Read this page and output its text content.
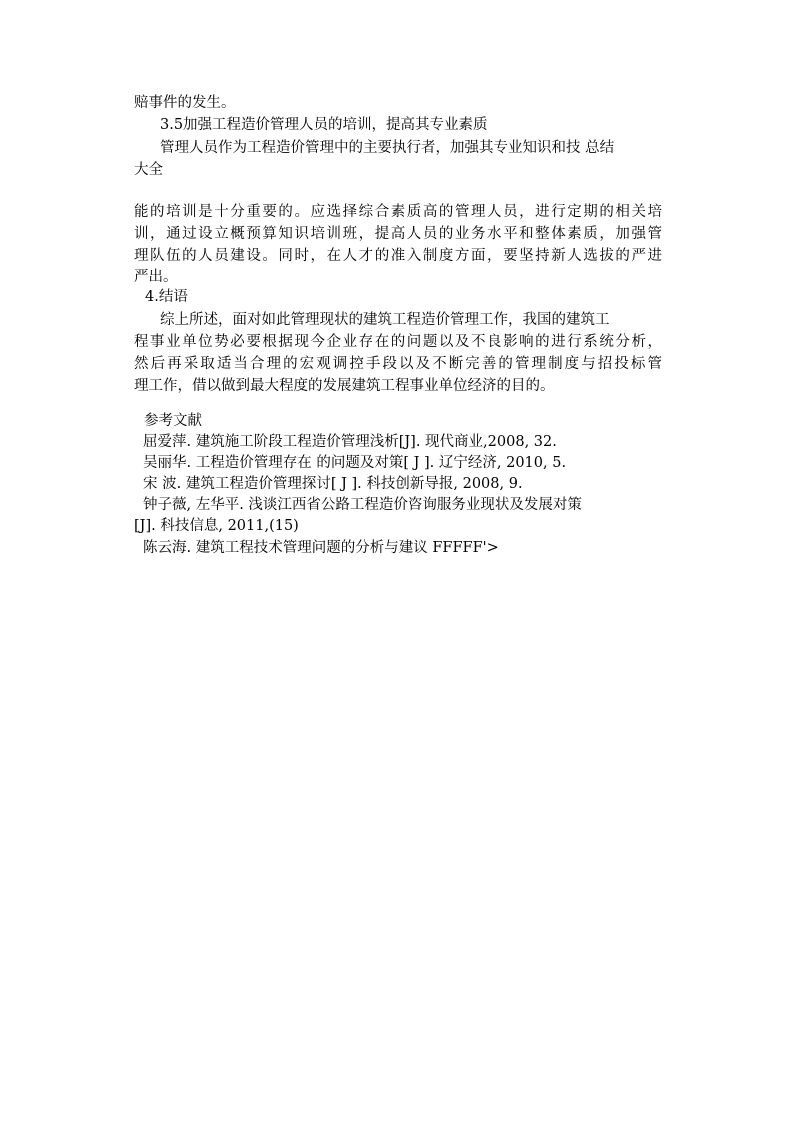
赔事件的发生。
3.5加强工程造价管理人员的培训，提高其专业素质
管理人员作为工程造价管理中的主要执行者，加强其专业知识和技 总结
大全
能的培训是十分重要的。应选择综合素质高的管理人员，进行定期的相关培
训，通过设立概预算知识培训班，提高人员的业务水平和整体素质，加强管
理队伍的人员建设。同时，在人才的准入制度方面，要坚持新人选拔的严进
严出。
4.结语
综上所述，面对如此管理现状的建筑工程造价管理工作，我国的建筑工
程事业单位势必要根据现今企业存在的问题以及不良影响的进行系统分析，
然后再采取适当合理的宏观调控手段以及不断完善的管理制度与招投标管
理工作，借以做到最大程度的发展建筑工程事业单位经济的目的。
参考文献
屈爱萍. 建筑施工阶段工程造价管理浅析[J]. 现代商业,2008, 32.
吴丽华. 工程造价管理存在 的问题及对策[ J ]. 辽宁经济, 2010, 5.
宋 波. 建筑工程造价管理探讨[ J ]. 科技创新导报, 2008, 9.
钟子薇, 左华平. 浅谈江西省公路工程造价咨询服务业现状及发展对策
[J]. 科技信息, 2011,(15)
陈云海. 建筑工程技术管理问题的分析与建议 FFFFF'>
